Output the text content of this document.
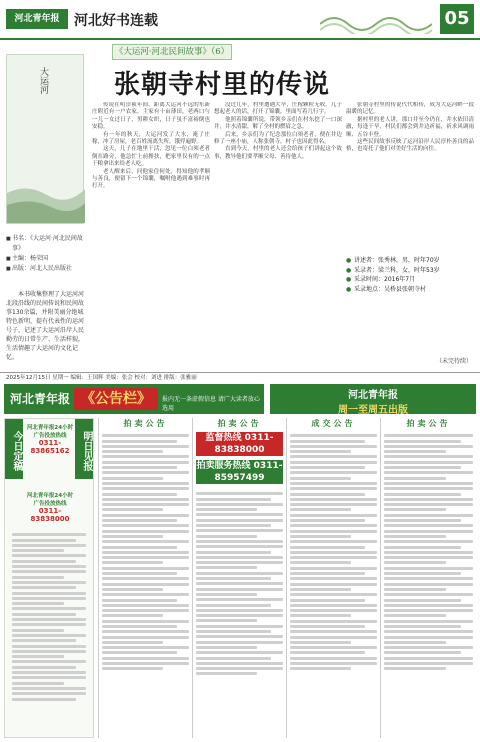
河北青年报	河北好书连载	05
大运河
■ 书名：《大运河·河北民间故事》
■ 主编：杨荣国
■ 出版：河北人民出版社
本书收集整理了大运河河北段沿线的民间传说和民间故事130余篇，并附美丽分绝城特色新明，提有代表性的运河号子，记述了大运河沿岸人民勤劳的日常生产、生活样貌，生活情趣了大运河的文化记忆。
《大运河·河北民间故事》（6）
张朝寺村里的传说

传说在明崇祯年间，距离大运河不远的东新庄附近有一户农家，主家有十亩薄田，老两口与一儿一女过日子，男耕女织，日子虽不富裕倒也安稳。

有一年的秋天，大运河发了大水，淹了庄稼，冲了房屋，老百姓流离失所，饿殍遍野。

这天，儿子在地里干活，忽见一位白须老者倒在路旁，他急忙上前搀扶，把家里仅有的一点干粮拿出来给老人吃。

老人醒来后，问他家住何处，得知他的孝顺与善良，便留下一个锦囊，嘱咐他遇到难事时再打开。

没过几年，村里遭遇大旱，庄稼颗粒无收。儿子想起老人的话，打开了锦囊，里面写着几行字。

他照着锦囊所说，带领乡亲们在村东挖了一口深井，井水清甜，解了全村的燃眉之急。

后来，乡亲们为了纪念那位白须老者，便在井边修了一座小庙，人称张朝寺，村子也因此得名。

直到今天，村里的老人还会给孩子们讲起这个故事，教导他们要孝顺父母、善待他人。

张朝寺村里的传说代代相传，成为大运河畔一段温暖的记忆。

据村里的老人讲，那口井至今仍在，井水依旧清澈，每逢干旱，村民们都会到井边祈福，祈求风调雨顺、五谷丰登。

这些民间故事反映了运河沿岸人民淳朴善良的品格，也寄托了他们对美好生活的向往。

● 讲述者：张秀林，男，时年70岁
● 采录者：梁兰科，女，时年53岁
● 采录时间：2016年7月
● 采录地点：吴桥县张朝寺村
（未完待续）
2025年12月15日 星期一 编辑：王国辉 美编：张会 校对：刘进 排版：张雅丽
河北青年报 《公告栏》	报内无一条虚假信息 请广大读者放心选用
河北青年报
周一至周五出版
今日定稿	明日见报
河北青年报24小时广告投放热线
0311-83865162
河北青年报24小时广告投放热线
0311-83838000
拍卖公告	拍卖公告
监督热线 0311-83838000
拍卖服务热线 0311-85957499
成交公告	拍卖公告
